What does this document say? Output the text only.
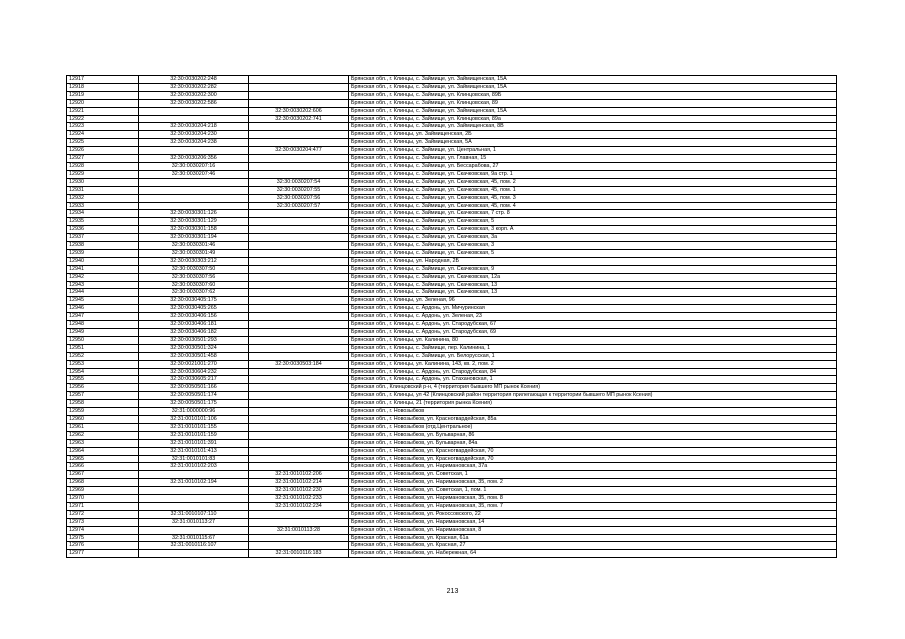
12917	32:30:0030202:248		Брянская обл., г. Клинцы, с. Займище, ул. Займищенская, 15А
12918	32:30:0030202:282		Брянская обл., г. Клинцы, с. Займище, ул. Займищенская, 15А
12919	32:30:0030202:300		Брянская обл., г. Клинцы, с. Займище, ул. Клинцовская, 89Б
12920	32:30:0030202:586		Брянская обл., г. Клинцы, с. Займище, ул. Клинцовская, 89
12921		32:30:0030202:606	Брянская обл., г. Клинцы, с. Займище, ул. Займищенская, 15А
12922		32:30:0030202:741	Брянская обл., г. Клинцы, с. Займище, ул. Клинцовская, 89а
12923	32:30:0030204:218		Брянская обл., г. Клинцы, с. Займище, ул. Займищенская, 8В
12924	32:30:0030204:230		Брянская обл., г. Клинцы, ул. Займищенская, 2Б
12925	32:30:0030204:238		Брянская обл., г. Клинцы, ул. Займищенская, 5А
12926		32:30:0030204:477	Брянская обл., г. Клинцы, с. Займище, ул. Центральная, 1
12927	32:30:0030206:356		Брянская обл., г. Клинцы, с. Займище, ул. Главная, 15
12928	32:30:0030207:16		Брянская обл., г. Клинцы, с. Займище, ул. Бессарабова, 27
12929	32:30:0030207:46		Брянская обл., г. Клинцы, с. Займище, ул. Скачковская, 9а стр. 1
12930		32:30:0030207:54	Брянская обл., г. Клинцы, с. Займище, ул. Скачковская, 45, пом. 2
12931		32:30:0030207:55	Брянская обл., г. Клинцы, с. Займище, ул. Скачковская, 45, пом. 1
12932		32:30:0030207:56	Брянская обл., г. Клинцы, с. Займище, ул. Скачковская, 45, пом. 3
12933		32:30:0030207:57	Брянская обл., г. Клинцы, с. Займище, ул. Скачковская, 45, пом. 4
12934	32:30:0030301:126		Брянская обл., г. Клинцы, с. Займище, ул. Скачковская, 7 стр. 8
12935	32:30:0030301:129		Брянская обл., г. Клинцы, с. Займище, ул. Скачковская, 5
12936	32:30:0030301:158		Брянская обл., г. Клинцы, с. Займище, ул. Скачковская, 3 корп. А
12937	32:30:0030301:194		Брянская обл., г. Клинцы, с. Займище, ул. Скачковская, 3а
12938	32:30:0030301:46		Брянская обл., г. Клинцы, с. Займище, ул. Скачковская, 3
12939	32:30:0030301:49		Брянская обл., г. Клинцы, с. Займище, ул. Скачковская, 5
12940	32:30:0030303:212		Брянская обл., г. Клинцы, ул. Народная, 2Б
12941	32:30:0030307:50		Брянская обл., г. Клинцы, с. Займище, ул. Скачковская, 9
12942	32:30:0030307:56		Брянская обл., г. Клинцы, с. Займище, ул. Скачковская, 12а
12943	32:30:0030307:60		Брянская обл., г. Клинцы, с. Займище, ул. Скачковская, 13
12944	32:30:0030307:62		Брянская обл., г. Клинцы, с. Займище, ул. Скачковская, 13
12945	32:30:0030405:175		Брянская обл., г. Клинцы, ул. Зеленая, 96
12946	32:30:0030405:265		Брянская обл., г. Клинцы, с. Ардонь, ул. Мичуринская
12947	32:30:0030406:156		Брянская обл., г. Клинцы, с. Ардонь, ул. Зеленая, 23
12948	32:30:0030406:181		Брянская обл., г. Клинцы, с. Ардонь, ул. Стародубская, 67
12949	32:30:0030406:182		Брянская обл., г. Клинцы, с. Ардонь, ул. Стародубская, 69
12950	32:30:0030501:293		Брянская обл., г. Клинцы, ул. Калинина, 80
12951	32:30:0030501:324		Брянская обл., г. Клинцы, с. Займище, пер. Калинина, 1
12952	32:30:0030501:458		Брянская обл., г. Клинцы, с. Займище, ул. Белорусская, 1
12953	32:30:0021001:270	32:30:0030503:184	Брянская обл., г. Клинцы, ул. Калинина, 143, кв. 2, пом. 2
12954	32:30:0030604:232		Брянская обл., г. Клинцы, с. Ардонь, ул. Стародубская, 84
12955	32:30:0030605:217		Брянская обл., г. Клинцы, с. Ардонь, ул. Стахановская, 1
12956	32:30:0050501:166		Брянская обл., Клинцовский р-н, 4 (территория бывшего МП рынок Ксения)
12957	32:30:0050501:174		Брянская обл., г. Клинцы, ул 42 (Клинцовский район территория прилегающая к территории бывшего МП рынок Ксения)
12958	32:30:0050501:175		Брянская обл., г. Клинцы, 21 (территория рынка Ксения)
12959	32:31:0000000:96		Брянская обл., г. Новозыбков
12960	32:31:0010101:106		Брянская обл., г. Новозыбков, ул. Красногвардейская, 85а
12961	32:31:0010101:155		Брянская обл., г. Новозыбков (отд.Центральное)
12962	32:31:0010101:159		Брянская обл., г. Новозыбков, ул. Бульварная, 86
12963	32:31:0010101:391		Брянская обл., г. Новозыбков, ул. Бульварная, 84а
12964	32:31:0010101:413		Брянская обл., г. Новозыбков, ул. Красногвардейская, 70
12965	32:31:0010101:83		Брянская обл., г. Новозыбков, ул. Красногвардейская, 70
12966	32:31:0010102:203		Брянская обл., г. Новозыбков, ул. Наримановская, 37а
12967		32:31:0010102:206	Брянская обл., г. Новозыбков, ул. Советская, 1
12968	32:31:0010102:194	32:31:0010102:214	Брянская обл., г. Новозыбков, ул. Наримановская, 35, пом. 2
12969		32:31:0010102:230	Брянская обл., г. Новозыбков, ул. Советская, 1, пом. 1
12970		32:31:0010102:233	Брянская обл., г. Новозыбков, ул. Наримановская, 35, пом. 8
12971		32:31:0010102:234	Брянская обл., г. Новозыбков, ул. Наримановская, 35, пом. 7
12972	32:31:0010107:110		Брянская обл., г. Новозыбков, ул. Рокоссовского, 22
12973	32:31:0010113:27		Брянская обл., г. Новозыбков, ул. Наримановская, 14
12974		32:31:0010113:28	Брянская обл., г. Новозыбков, ул. Наримановская, 8
12975	32:31:0010115:67		Брянская обл., г. Новозыбков, ул. Красная, 61а
12976	32:31:0010116:107		Брянская обл., г. Новозыбков, ул. Красная, 27
12977		32:31:0010116:183	Брянская обл., г. Новозыбков, ул. Набережная, 64
213
